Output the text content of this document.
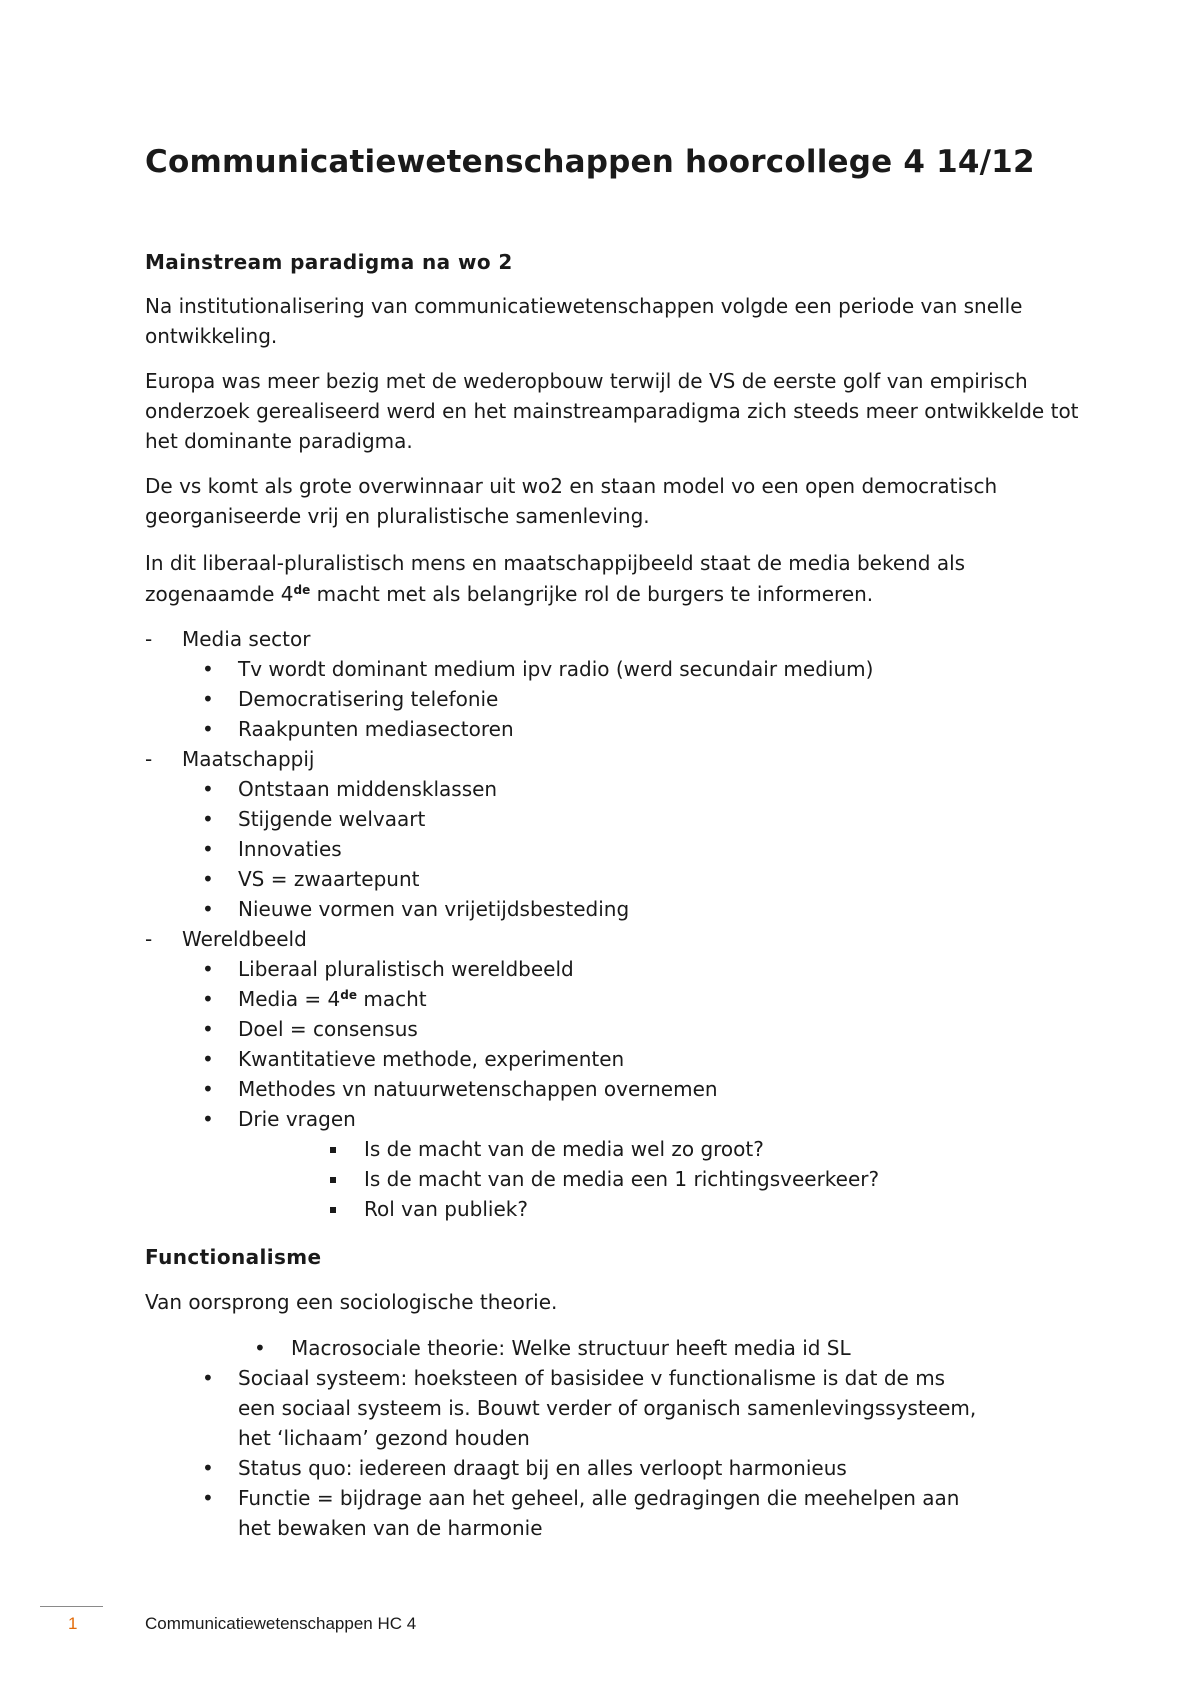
Communicatiewetenschappen hoorcollege 4 14/12
Mainstream paradigma na wo 2

Na institutionalisering van communicatiewetenschappen volgde een periode van snelle ontwikkeling.

Europa was meer bezig met de wederopbouw terwijl de VS de eerste golf van empirisch onderzoek gerealiseerd werd en het mainstreamparadigma zich steeds meer ontwikkelde tot het dominante paradigma.

De vs komt als grote overwinnaar uit wo2 en staan model vo een open democratisch georganiseerde vrij en pluralistische samenleving.

In dit liberaal-pluralistisch mens en maatschappijbeeld staat de media bekend als

zogenaamde 4de macht met als belangrijke rol de burgers te informeren.

- Media sector
• Tv wordt dominant medium ipv radio (werd secundair medium)
• Democratisering telefonie
• Raakpunten mediasectoren
- Maatschappij
• Ontstaan middensklassen
• Stijgende welvaart
• Innovaties
• VS = zwaartepunt
• Nieuwe vormen van vrijetijdsbesteding
- Wereldbeeld
• Liberaal pluralistisch wereldbeeld
• Media = 4de macht
• Doel = consensus
• Kwantitatieve methode, experimenten
• Methodes vn natuurwetenschappen overnemen
• Drie vragen
Is de macht van de media wel zo groot?
Is de macht van de media een 1 richtingsveerkeer?
Rol van publiek?
Functionalisme

Van oorsprong een sociologische theorie.

• Macrosociale theorie: Welke structuur heeft media id SL
• Sociaal systeem: hoeksteen of basisidee v functionalisme is dat de ms
een sociaal systeem is. Bouwt verder of organisch samenlevingssysteem,
het ‘lichaam’ gezond houden
• Status quo: iedereen draagt bij en alles verloopt harmonieus
• Functie = bijdrage aan het geheel, alle gedragingen die meehelpen aan
het bewaken van de harmonie
1	Communicatiewetenschappen HC 4
